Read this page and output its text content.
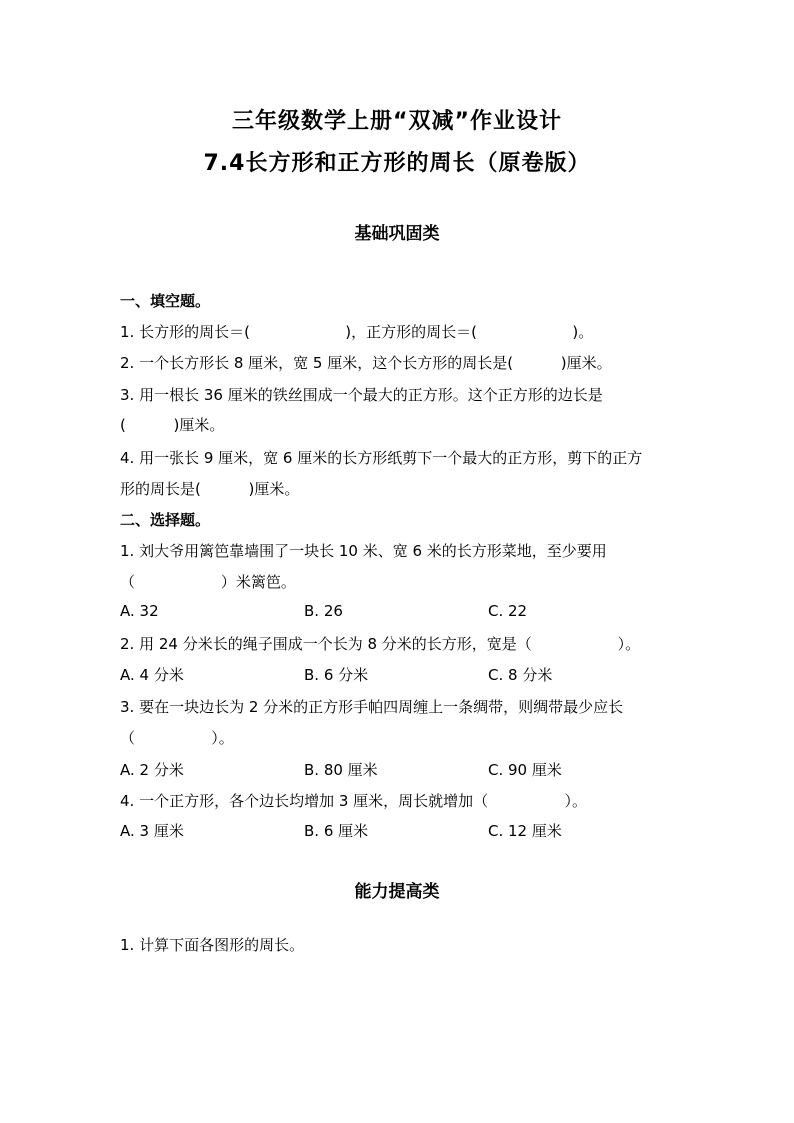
三年级数学上册“双减”作业设计
7.4长方形和正方形的周长（原卷版）
基础巩固类
一、填空题。
1. 长方形的周长＝(                    )，正方形的周长＝(                    )。
2. 一个长方形长 8 厘米，宽 5 厘米，这个长方形的周长是(          )厘米。
3. 用一根长 36 厘米的铁丝围成一个最大的正方形。这个正方形的边长是
(          )厘米。
4. 用一张长 9 厘米，宽 6 厘米的长方形纸剪下一个最大的正方形，剪下的正方
形的周长是(          )厘米。
二、选择题。
1. 刘大爷用篱笆靠墙围了一块长 10 米、宽 6 米的长方形菜地，至少要用
（                  ）米篱笆。
A. 32	B. 26	C. 22
2. 用 24 分米长的绳子围成一个长为 8 分米的长方形，宽是（                  ）。
A. 4 分米	B. 6 分米	C. 8 分米
3. 要在一块边长为 2 分米的正方形手帕四周缠上一条绸带，则绸带最少应长
（                ）。
A. 2 分米	B. 80 厘米	C. 90 厘米
4. 一个正方形，各个边长均增加 3 厘米，周长就增加（                ）。
A. 3 厘米	B. 6 厘米	C. 12 厘米
能力提高类
1. 计算下面各图形的周长。
